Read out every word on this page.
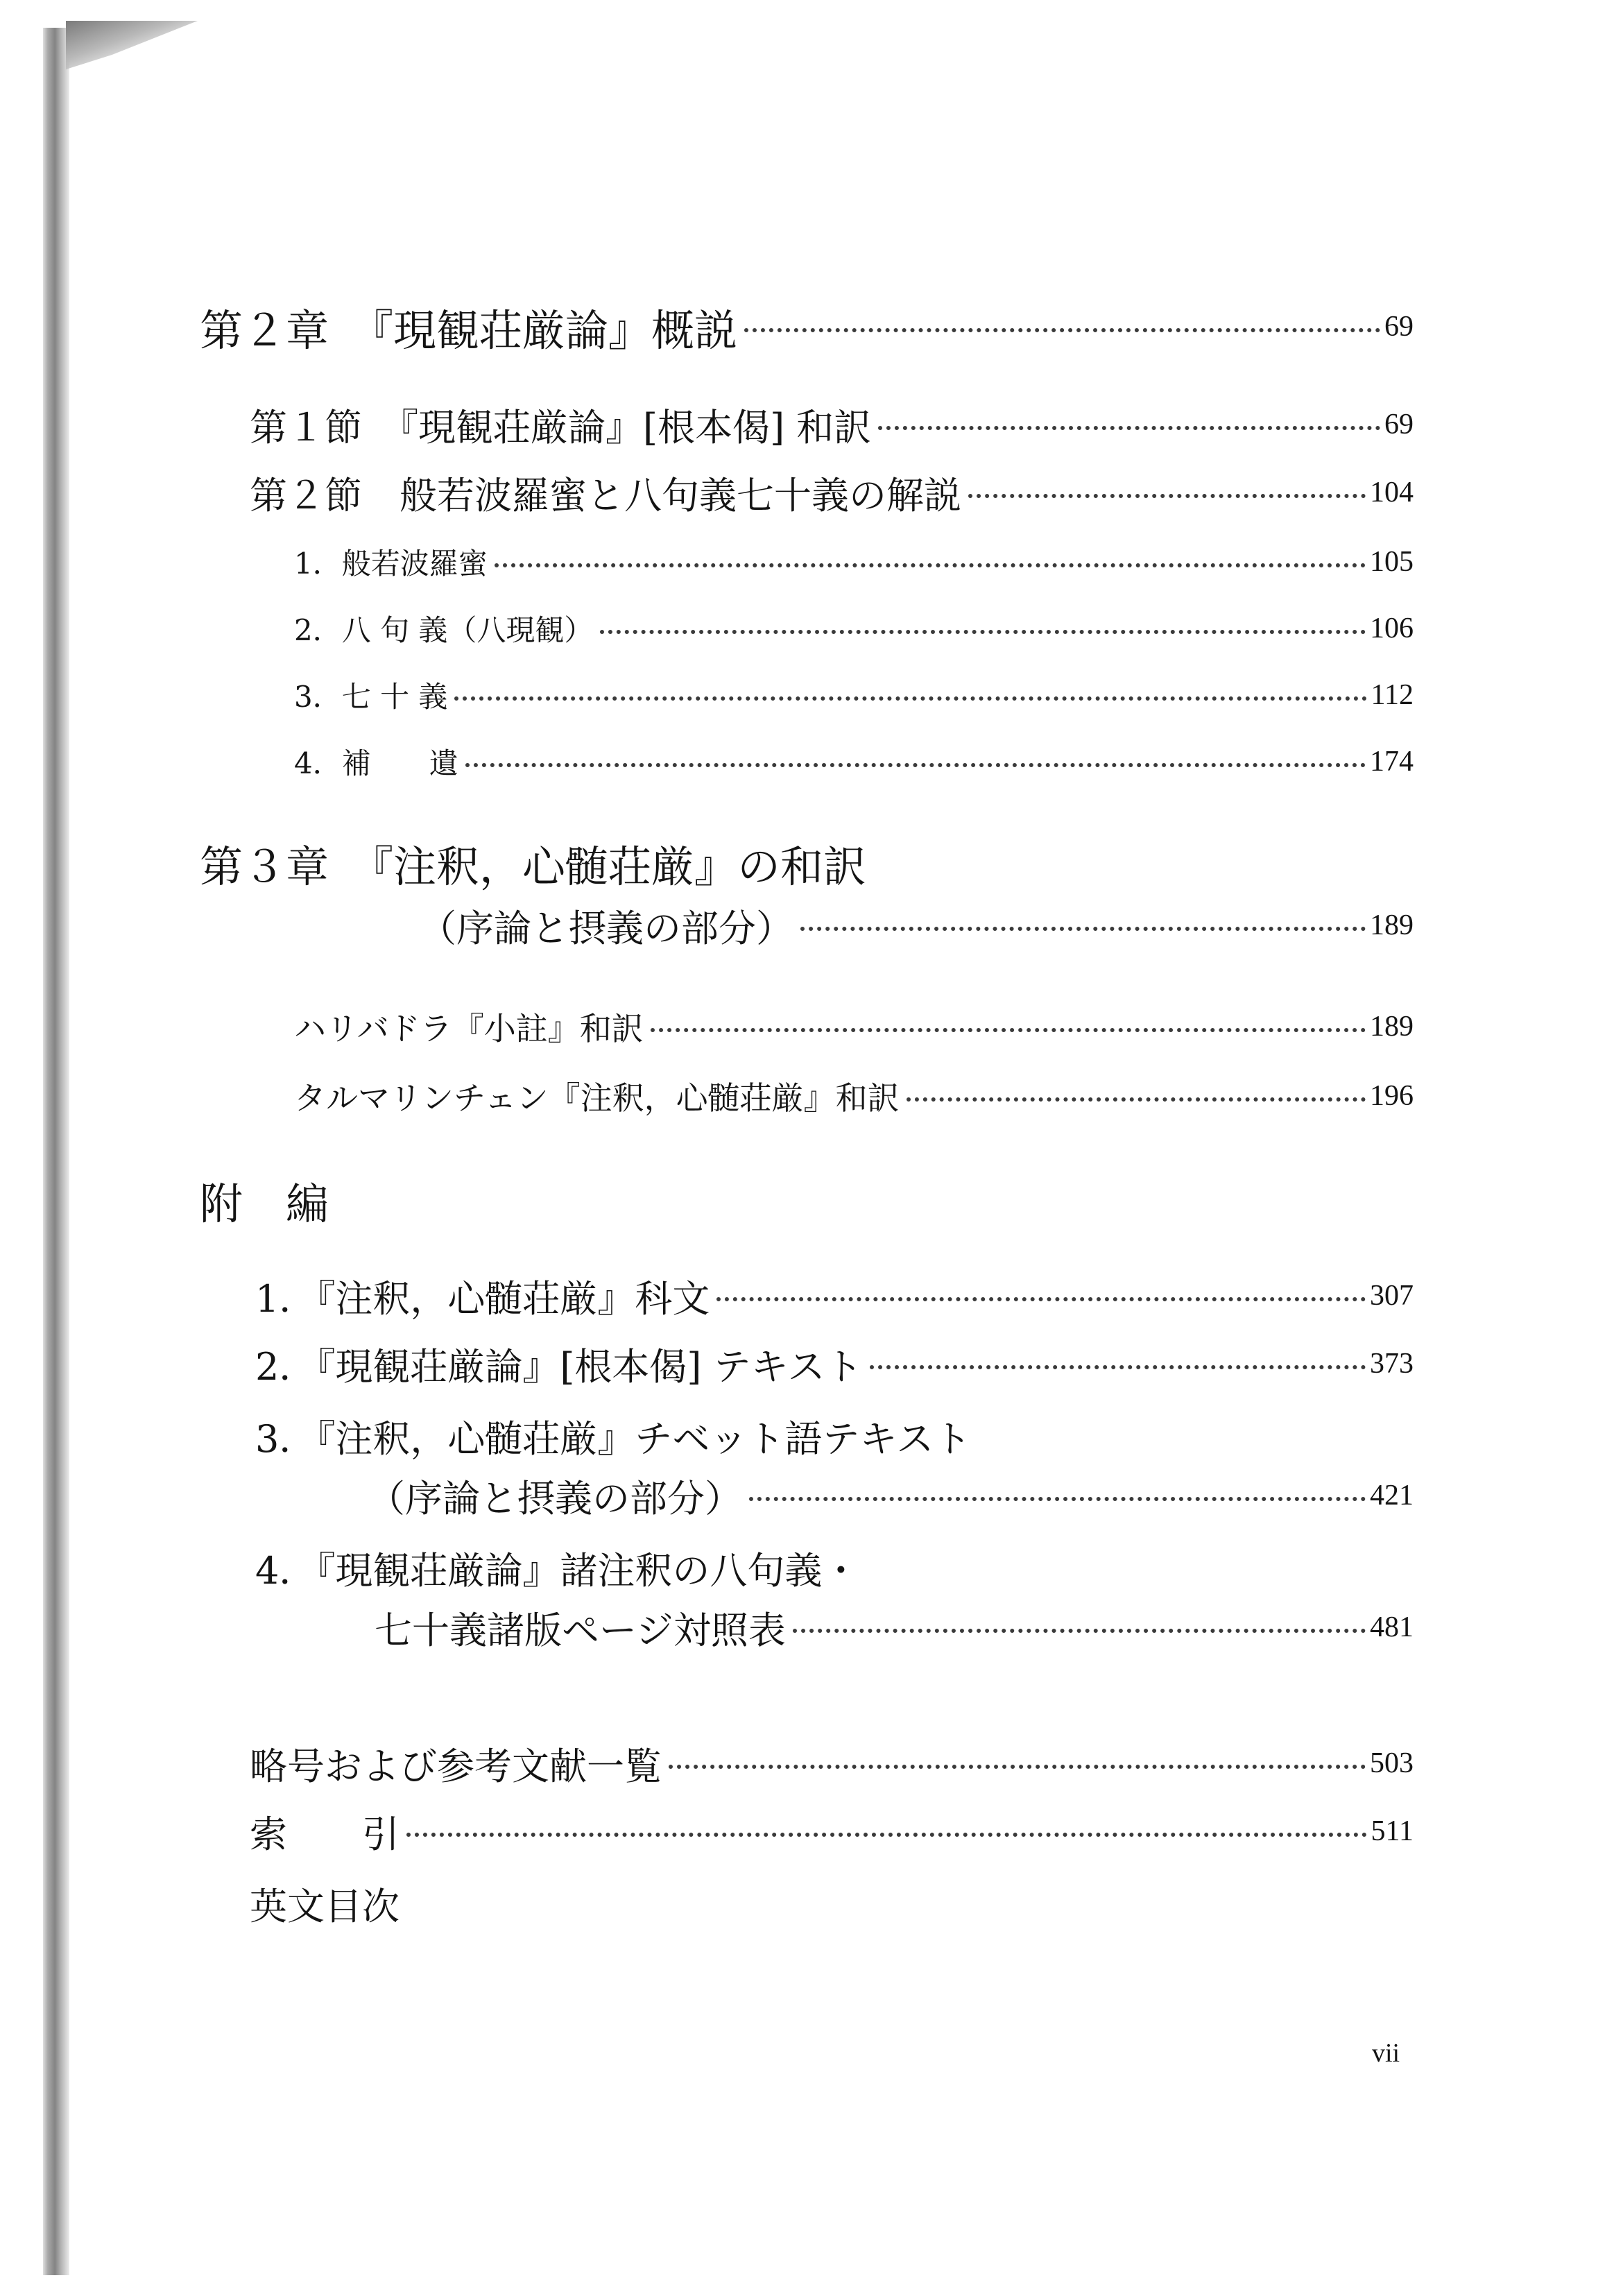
第２章　『現観荘厳論』概説	69
第１節　『現観荘厳論』[根本偈] 和訳	69
第２節　般若波羅蜜と八句義七十義の解説	104
1．般若波羅蜜	105
2．八 句 義（八現観）	106
3．七 十 義	112
4．補　　遺	174
第３章　『注釈，心髄荘厳』の和訳
（序論と摂義の部分）	189
ハリバドラ『小註』和訳	189
タルマリンチェン『注釈，心髄荘厳』和訳	196
附　編
1．『注釈，心髄荘厳』科文	307
2．『現観荘厳論』[根本偈] テキスト	373
3．『注釈，心髄荘厳』チベット語テキスト
（序論と摂義の部分）	421
4．『現観荘厳論』諸注釈の八句義・
七十義諸版ページ対照表	481
略号および参考文献一覧	503
索　　引	511
英文目次
vii
